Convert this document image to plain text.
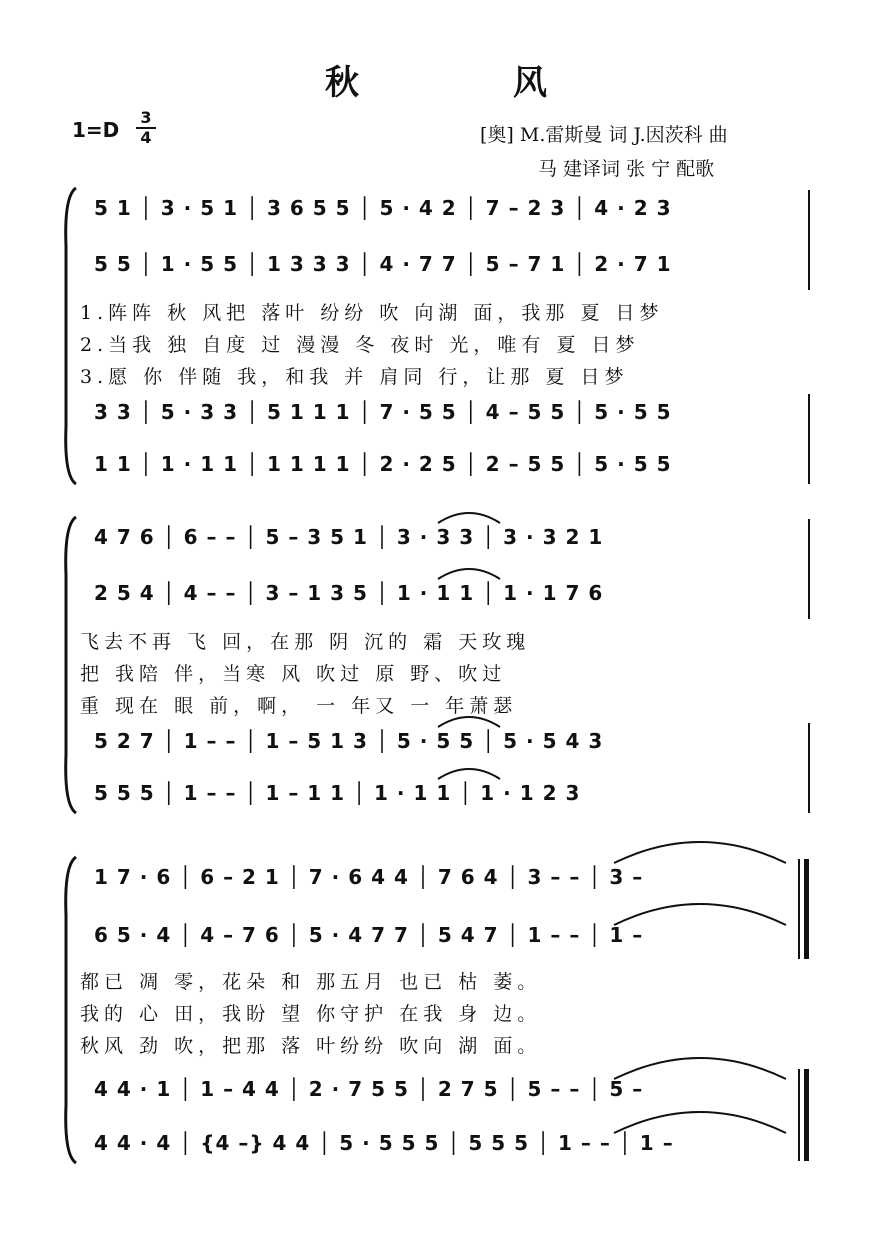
秋　风
1=D
3
4	[奥] M.雷斯曼 词 J.因茨科 曲
马 建译词 张 宁 配歌
5 1 │ 3 · 5 1 │ 3 6 5 5 │ 5 · 4 2 │ 7 – 2 3 │ 4 · 2 3
5 5 │ 1 · 5 5 │ 1 3 3 3 │ 4 · 7 7 │ 5 – 7 1 │ 2 · 7 1
1.阵阵 秋 风把 落叶 纷纷 吹 向湖 面，我那 夏 日梦
2.当我 独 自度 过 漫漫 冬 夜时 光，唯有 夏 日梦
3.愿 你 伴随 我，和我 并 肩同 行，让那 夏 日梦
3 3 │ 5 · 3 3 │ 5 1 1 1 │ 7 · 5 5 │ 4 – 5 5 │ 5 · 5 5
1 1 │ 1 · 1 1 │ 1 1 1 1 │ 2 · 2 5 │ 2 – 5 5 │ 5 · 5 5
4 7 6 │ 6 – – │ 5 – 3 5 1 │ 3 · 3 3 │ 3 · 3 2 1
2 5 4 │ 4 – – │ 3 – 1 3 5 │ 1 · 1 1 │ 1 · 1 7 6
飞去不再 飞 回，在那 阴 沉的 霜 天玫瑰
把 我陪 伴，当寒 风 吹过 原 野、吹过
重 现在 眼 前，啊， 一 年又 一 年萧瑟
5 2 7 │ 1 – – │ 1 – 5 1 3 │ 5 · 5 5 │ 5 · 5 4 3
5 5 5 │ 1 – – │ 1 – 1 1 │ 1 · 1 1 │ 1 · 1 2 3
1 7 · 6 │ 6 – 2 1 │ 7 · 6 4 4 │ 7 6 4 │ 3 – – │ 3 –
6 5 · 4 │ 4 – 7 6 │ 5 · 4 7 7 │ 5 4 7 │ 1 – – │ 1 –
都已 凋 零，花朵 和 那五月 也已 枯 萎。
我的 心 田，我盼 望 你守护 在我 身 边。
秋风 劲 吹，把那 落 叶纷纷 吹向 湖 面。
4 4 · 1 │ 1 – 4 4 │ 2 · 7 5 5 │ 2 7 5 │ 5 – – │ 5 –
4 4 · 4 │ {4 –} 4 4 │ 5 · 5 5 5 │ 5 5 5 │ 1 – – │ 1 –
